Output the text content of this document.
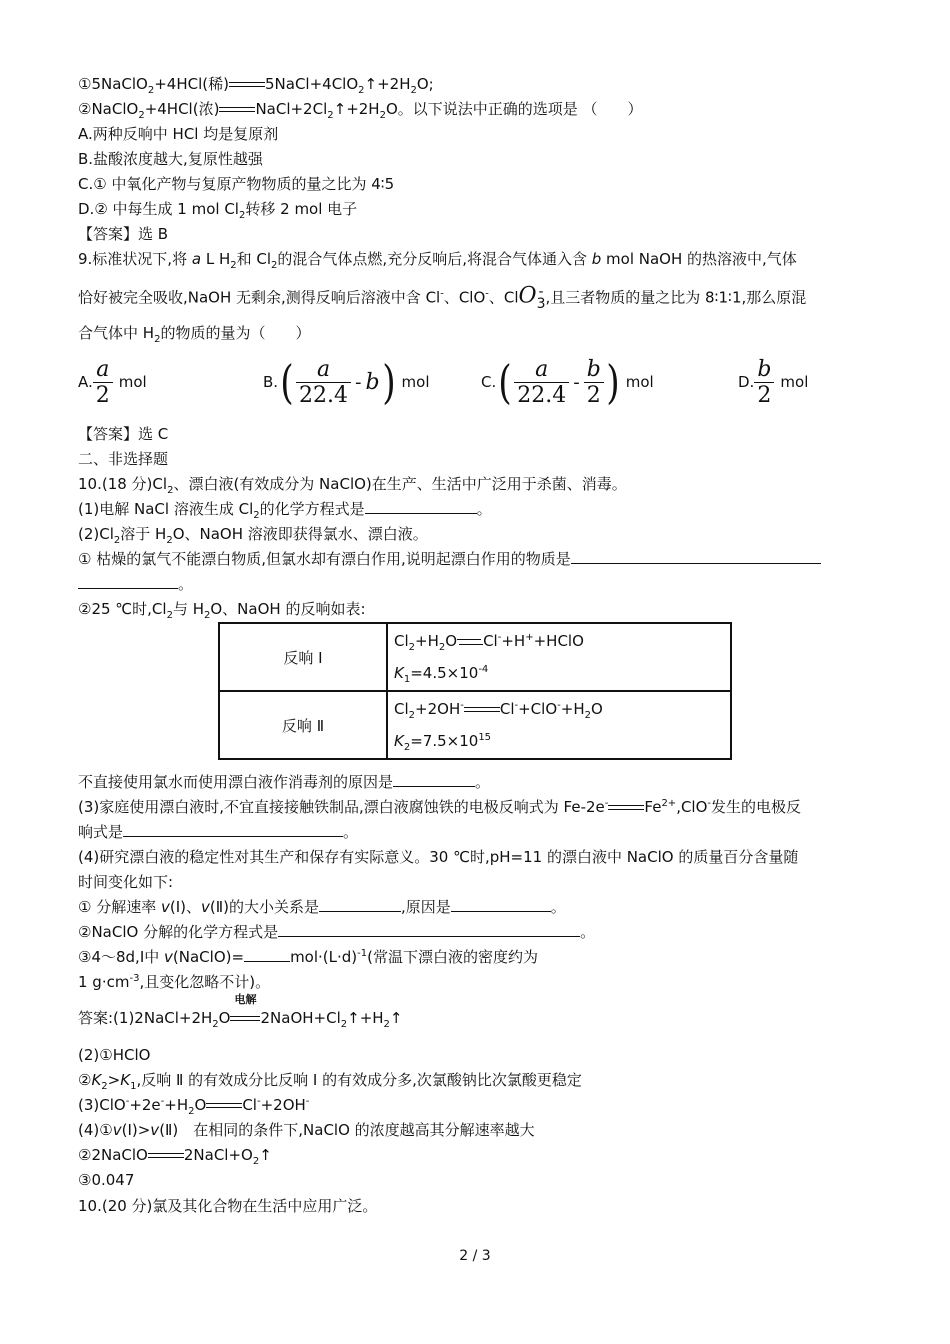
①5NaClO$_2$+4HCl(稀) $5NaCl+4ClO_2↑+2H_2O$;
②NaClO$_2$+4HCl(浓) $NaCl+2Cl_2↑+2H_2O$。以下说法中正确的选项是 （　　）
A.两种反响中 HCl 均是复原剂
B.盐酸浓度越大,复原性越强
C.① 中氧化产物与复原产物物质的量之比为 4∶5
D.② 中每生成 1 mol $Cl_2$转移 2 mol 电子
【答案】选 B
9.标准状况下,将 a L $H_2$和 $Cl_2$的混合气体点燃,充分反响后,将混合气体通入含 b mol NaOH 的热溶液中,气体
恰好被完全吸收,NaOH 无剩余,测得反响后溶液中含 Cl-、ClO-、ClO -
3 ,且三者物质的量之比为 8∶1∶1,那么原混
合气体中 $H_2$的物质的量为（　　）
A. $\frac{a}{2}$ mol	B. ( $\frac{a}{22.4}$ - b ) mol	C. ( $\frac{a}{22.4} - \frac{b}{2}$ ) mol	D. $\frac{b}{2}$ mol
【答案】选 C
二、非选择题
10.(18 分)$Cl_2$、漂白液(有效成分为 NaClO)在生产、生活中广泛用于杀菌、消毒。
(1)电解 NaCl 溶液生成 $Cl_2$的化学方程式是	。
$(2)Cl_2$溶于 $H_2O$、NaOH 溶液即获得氯水、漂白液。
① 枯燥的氯气不能漂白物质,但氯水却有漂白作用,说明起漂白作用的物质是
。
②25 ℃时$,Cl_2$与 $H_2O$、NaOH 的反响如表:
反响 Ⅰ	$Cl_2+H_2O$ Cl-+H++HClO
$K_1=4.5\times 10^{-4}$

反响 Ⅱ	$Cl_2+2OH^-$ $Cl^-+ClO^-+H_2O$
$K_2=7.5\times 10^{15}$
不直接使用氯水而使用漂白液作消毒剂的原因是	。
(3)家庭使用漂白液时,不宜直接接触铁制品,漂白液腐蚀铁的电极反响式为 Fe-2e- $Fe^{2+},ClO^-$发生的电极反
响式是	。
(4)研究漂白液的稳定性对其生产和保存有实际意义。30 ℃时,pH=11 的漂白液中 NaClO 的质量百分含量随
时间变化如下:
① 分解速率 v(Ⅰ)、v(Ⅱ)的大小关系是	,原因是	。
②NaClO 分解的化学方程式是	。
③4～8d,Ⅰ中 v(NaClO)=	$mol\cdot(L\cdot d)^{-1}$(常温下漂白液的密度约为
1 $g\cdot cm^{-3}$,且变化忽略不计)。
答案$:(1)2NaCl+2H_2O$
电解
$2NaOH+Cl_2↑+H_2↑$
(2)①HClO
$②K_2>K_1$,反响 Ⅱ 的有效成分比反响 Ⅰ 的有效成分多,次氯酸钠比次氯酸更稳定
$(3)ClO^-+2e^-+H_2O$ Cl-+2OH-
(4)①v(Ⅰ)>v(Ⅱ)　在相同的条件下,NaClO 的浓度越高其分解速率越大
②2NaClO $2NaCl+O_2↑$
③0.047
10.(20 分)氯及其化合物在生活中应用广泛。
2 / 3
